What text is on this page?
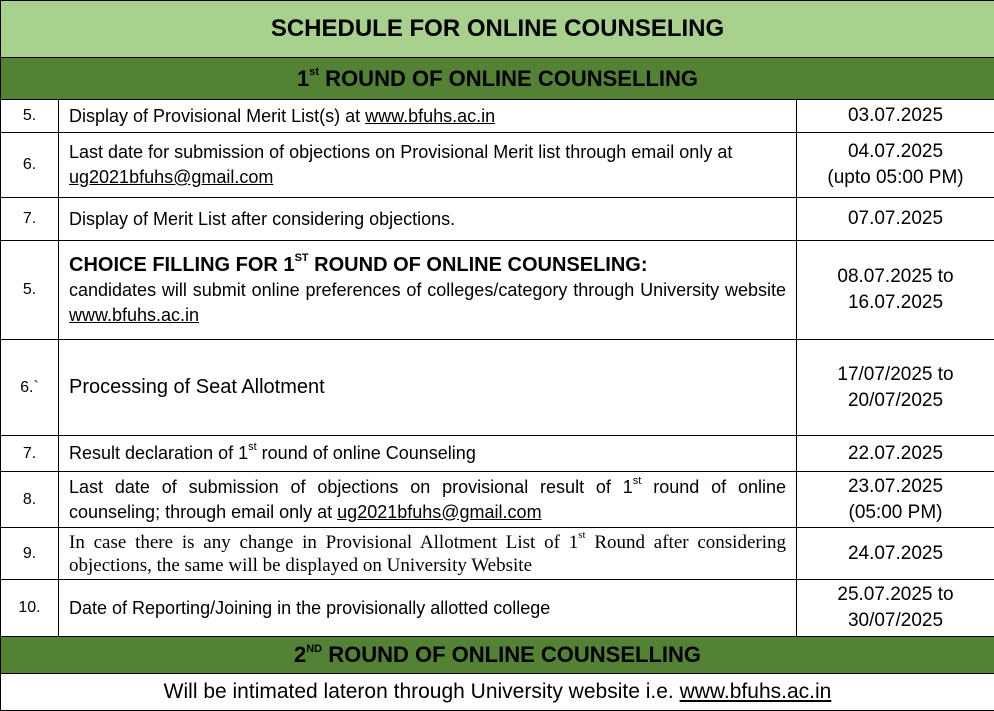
SCHEDULE FOR ONLINE COUNSELING		
1st ROUND OF ONLINE COUNSELLING		
5.	Display of Provisional Merit List(s) at www.bfuhs.ac.in	03.07.2025
6.	Last date for submission of objections on Provisional Merit list through email only at ug2021bfuhs@gmail.com	04.07.2025
(upto 05:00 PM)
7.	Display of Merit List after considering objections.	07.07.2025
5.	CHOICE FILLING FOR 1ST ROUND OF ONLINE COUNSELING:
candidates will submit online preferences of colleges/category through University website www.bfuhs.ac.in	08.07.2025 to
16.07.2025
6.`	Processing of Seat Allotment	17/07/2025 to
20/07/2025
7.	Result declaration of 1st round of online Counseling	22.07.2025
8.	Last date of submission of objections on provisional result of 1st round of online counseling; through email only at ug2021bfuhs@gmail.com	23.07.2025
(05:00 PM)
9.	In case there is any change in Provisional Allotment List of 1st Round after considering objections, the same will be displayed on University Website	24.07.2025
10.	Date of Reporting/Joining in the provisionally allotted college	25.07.2025 to
30/07/2025
2ND ROUND OF ONLINE COUNSELLING		
Will be intimated lateron through University website i.e. www.bfuhs.ac.in		
